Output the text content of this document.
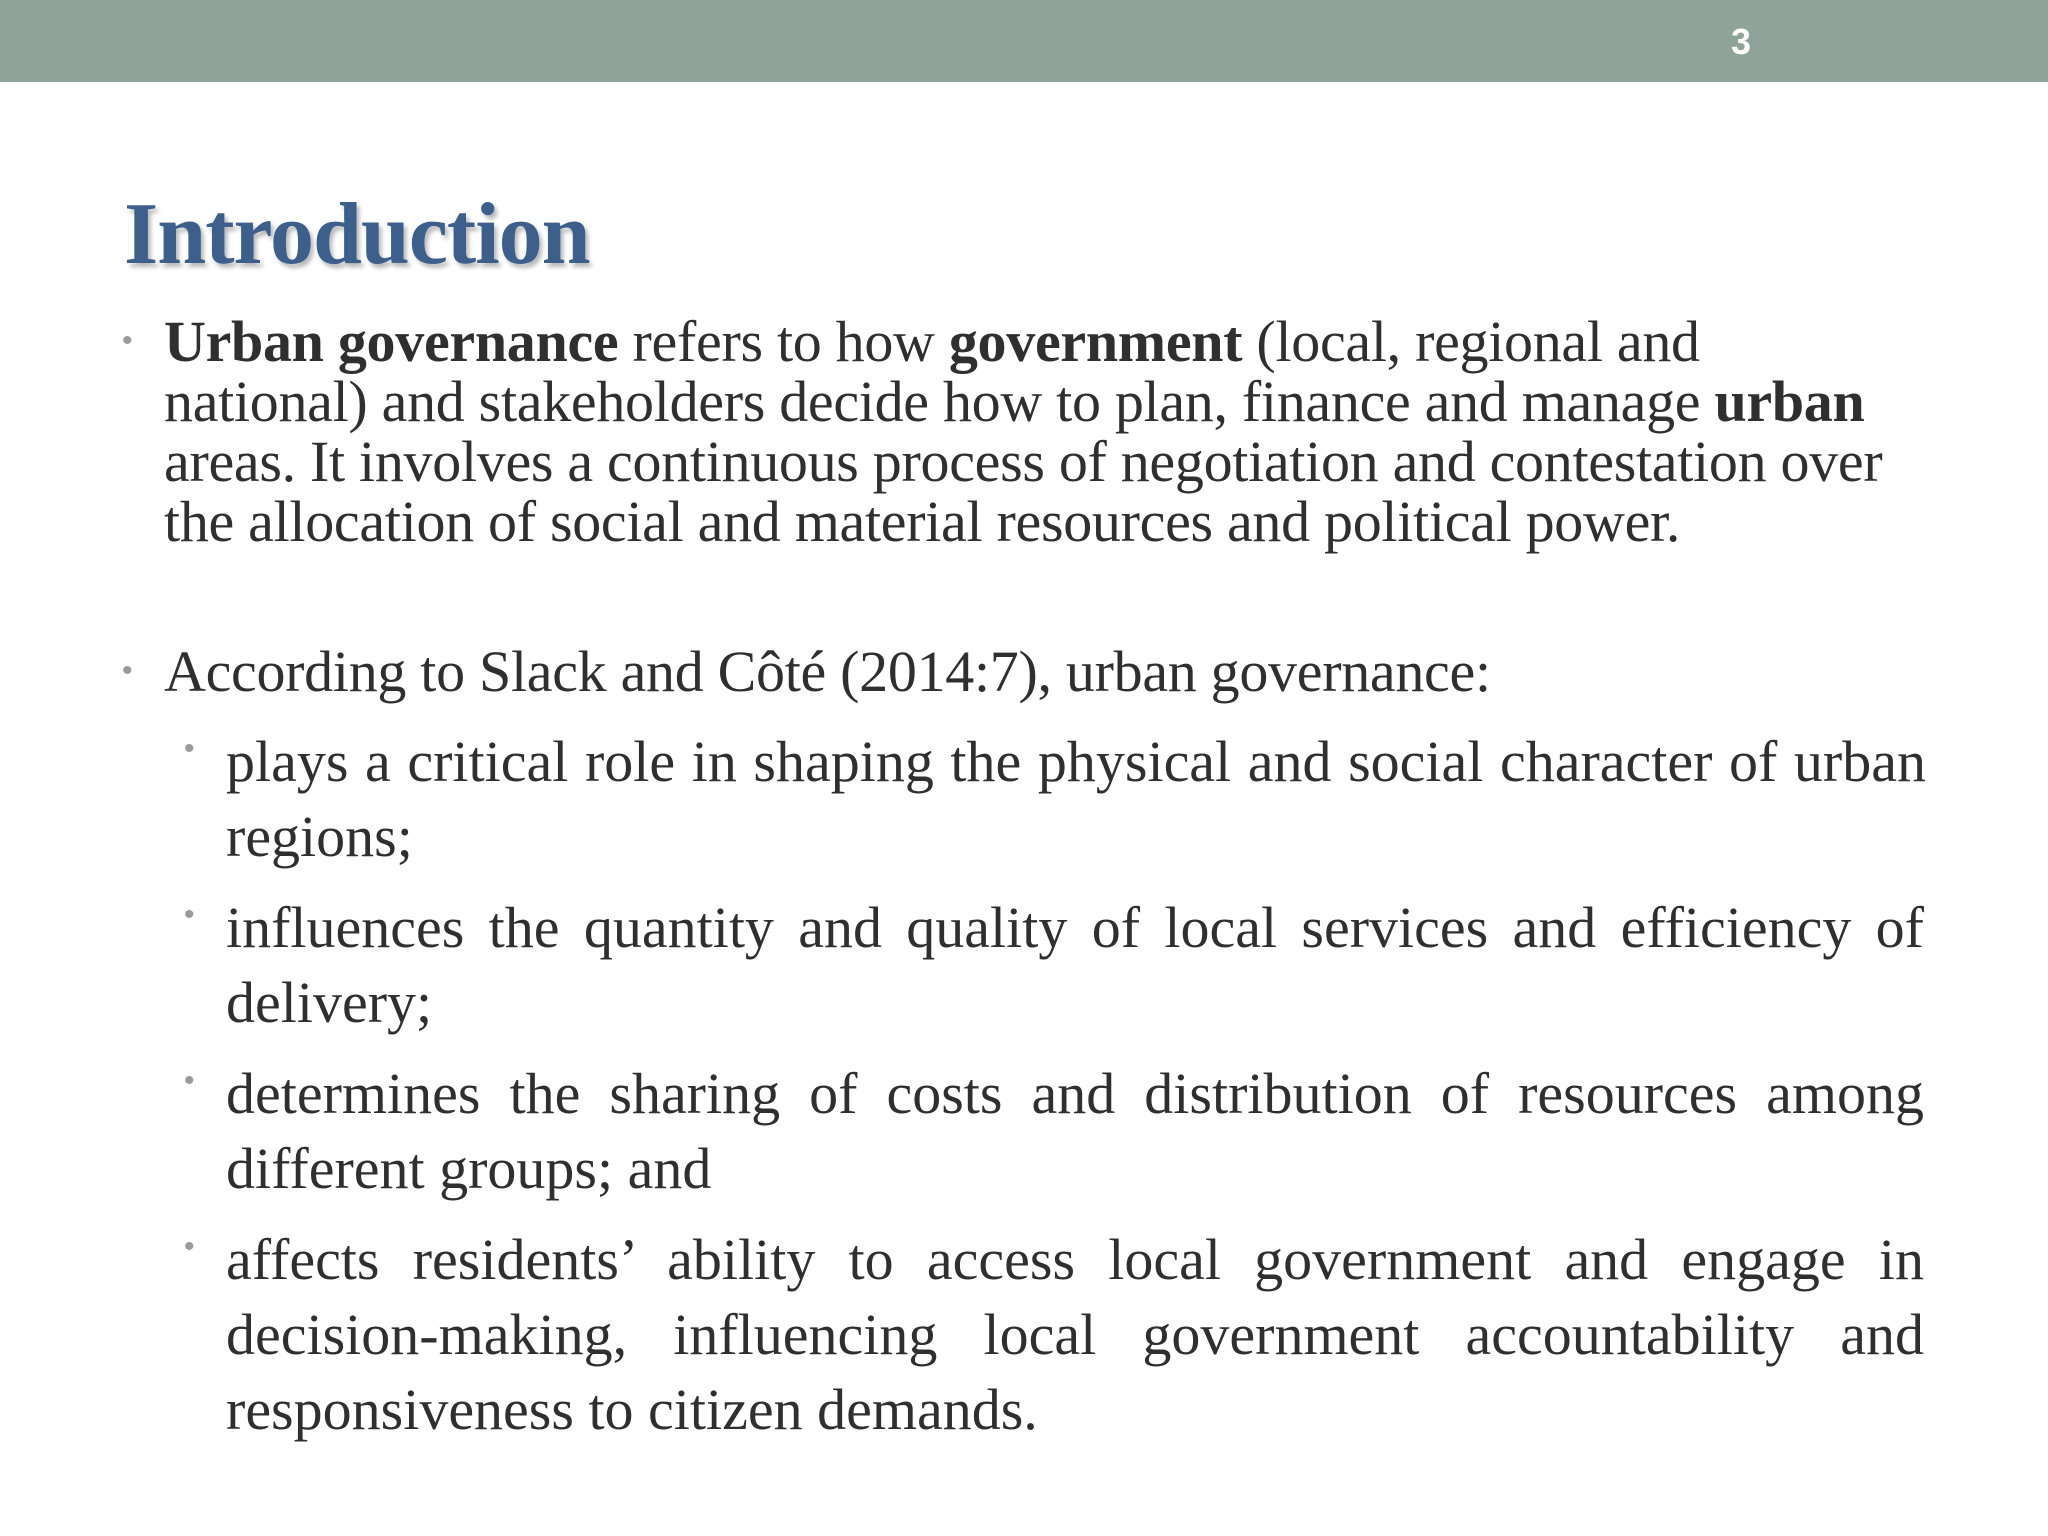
3
Introduction
• Urban governance refers to how government (local, regional and national) and stakeholders decide how to plan, finance and manage urban areas. It involves a continuous process of negotiation and contestation over the allocation of social and material resources and political power.
• According to Slack and Côté (2014:7), urban governance:
• plays a critical role in shaping the physical and social character of urban regions;
• influences the quantity and quality of local services and efficiency of delivery;
• determines the sharing of costs and distribution of resources among different groups; and
• affects residents’ ability to access local government and engage in decision-making, influencing local government accountability and responsiveness to citizen demands.
